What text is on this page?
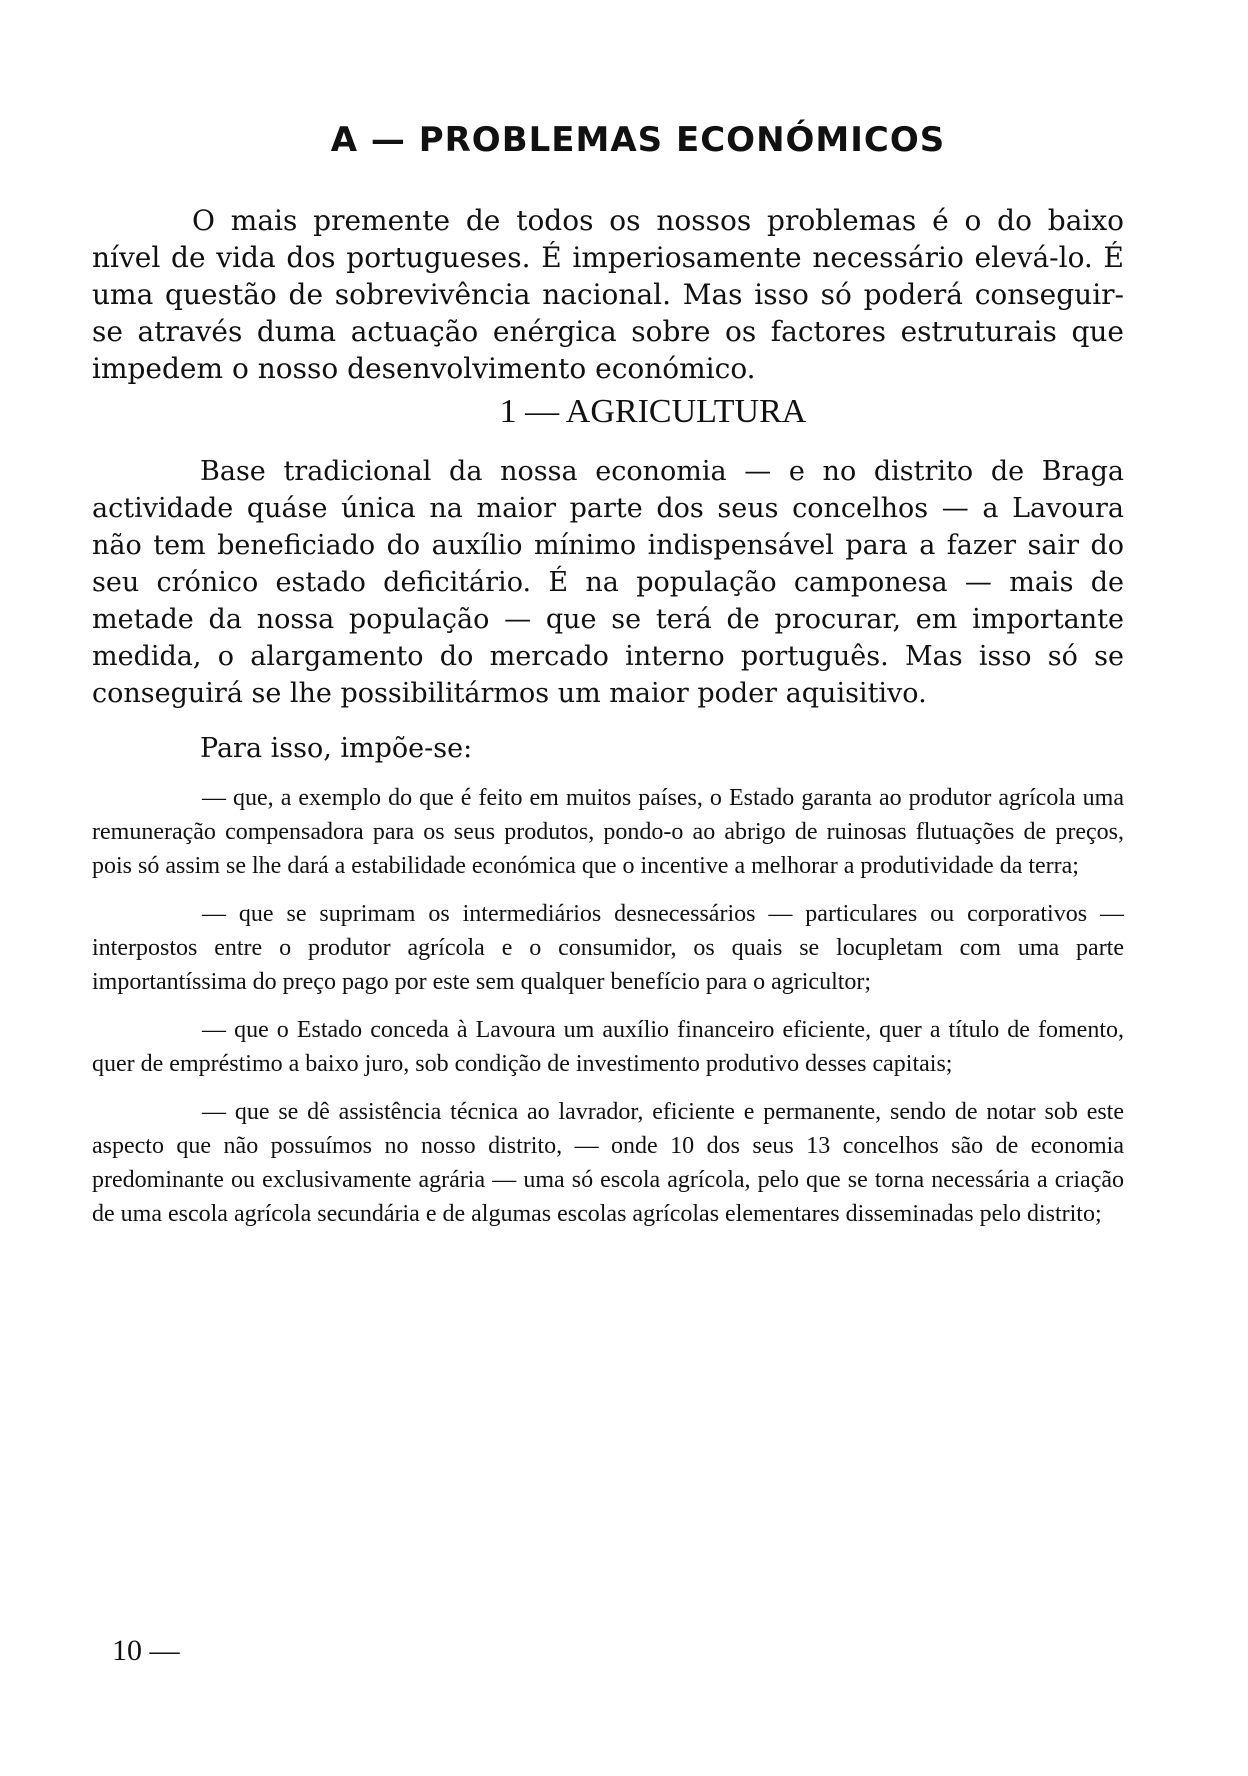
A — PROBLEMAS ECONÓMICOS

O mais premente de todos os nossos problemas é o do baixo nível de vida dos portugueses. É imperiosamente necessário elevá-lo. É uma questão de sobrevivência nacional. Mas isso só poderá conseguir-se através duma actuação enérgica sobre os factores estruturais que impedem o nosso desenvolvimento económico.

1 — AGRICULTURA

Base tradicional da nossa economia — e no distrito de Braga actividade quáse única na maior parte dos seus concelhos — a Lavoura não tem beneficiado do auxílio mínimo indispensável para a fazer sair do seu crónico estado deficitário. É na população camponesa — mais de metade da nossa população — que se terá de procurar, em importante medida, o alargamento do mercado interno português. Mas isso só se conseguirá se lhe possibilitármos um maior poder aquisitivo.

Para isso, impõe-se:

— que, a exemplo do que é feito em muitos países, o Estado garanta ao produtor agrícola uma remuneração compensadora para os seus produtos, pondo-o ao abrigo de ruinosas flutuações de preços, pois só assim se lhe dará a estabilidade económica que o incentive a melhorar a produtividade da terra;

— que se suprimam os intermediários desnecessários — particulares ou corporativos — interpostos entre o produtor agrícola e o consumidor, os quais se locupletam com uma parte importantíssima do preço pago por este sem qualquer benefício para o agricultor;

— que o Estado conceda à Lavoura um auxílio financeiro eficiente, quer a título de fomento, quer de empréstimo a baixo juro, sob condição de investimento produtivo desses capitais;

— que se dê assistência técnica ao lavrador, eficiente e permanente, sendo de notar sob este aspecto que não possuímos no nosso distrito, — onde 10 dos seus 13 concelhos são de economia predominante ou exclusivamente agrária — uma só escola agrícola, pelo que se torna necessária a criação de uma escola agrícola secundária e de algumas escolas agrícolas elementares disseminadas pelo distrito;

10 —
